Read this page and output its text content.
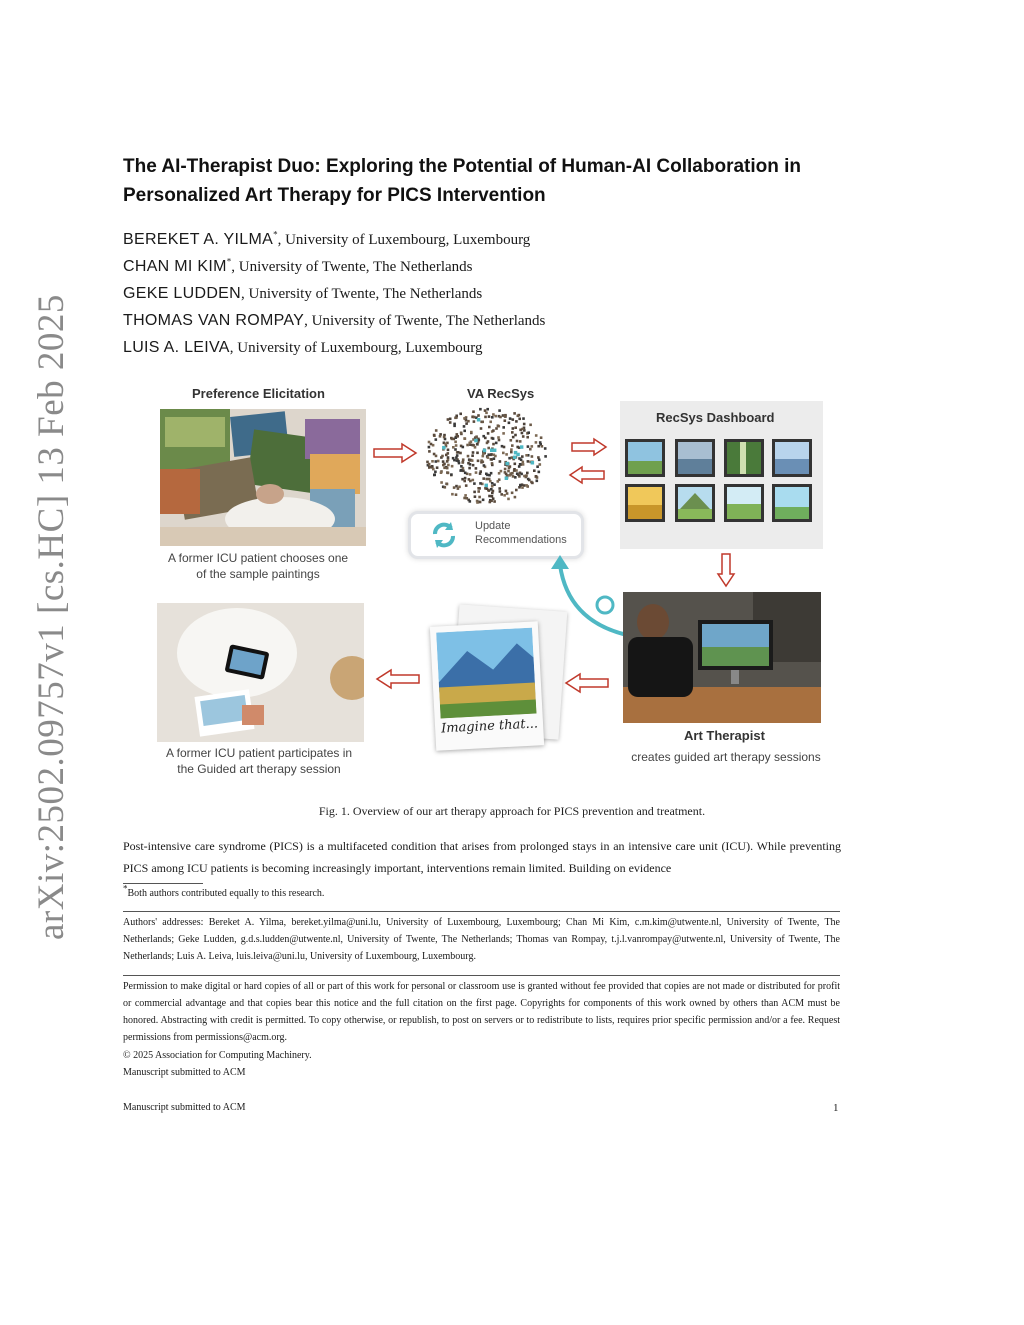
arXiv:2502.09757v1 [cs.HC] 13 Feb 2025
The AI-Therapist Duo: Exploring the Potential of Human-AI Collaboration in
Personalized Art Therapy for PICS Intervention
BEREKET A. YILMA*, University of Luxembourg, Luxembourg
CHAN MI KIM*, University of Twente, The Netherlands
GEKE LUDDEN, University of Twente, The Netherlands
THOMAS VAN ROMPAY, University of Twente, The Netherlands
LUIS A. LEIVA, University of Luxembourg, Luxembourg
Preference Elicitation	VA RecSys
A former ICU patient chooses one
of the sample paintings
Update
Recommendations
RecSys Dashboard
Art Therapist
creates guided art therapy sessions
Imagine that...
A former ICU patient participates in
the Guided art therapy session
Fig. 1. Overview of our art therapy approach for PICS prevention and treatment.
Post-intensive care syndrome (PICS) is a multifaceted condition that arises from prolonged stays in an intensive care unit (ICU). While preventing PICS among ICU patients is becoming increasingly important, interventions remain limited. Building on evidence
*Both authors contributed equally to this research.
Authors' addresses: Bereket A. Yilma, bereket.yilma@uni.lu, University of Luxembourg, Luxembourg; Chan Mi Kim, c.m.kim@utwente.nl, University of Twente, The Netherlands; Geke Ludden, g.d.s.ludden@utwente.nl, University of Twente, The Netherlands; Thomas van Rompay, t.j.l.vanrompay@utwente.nl, University of Twente, The Netherlands; Luis A. Leiva, luis.leiva@uni.lu, University of Luxembourg, Luxembourg.
Permission to make digital or hard copies of all or part of this work for personal or classroom use is granted without fee provided that copies are not made or distributed for profit or commercial advantage and that copies bear this notice and the full citation on the first page. Copyrights for components of this work owned by others than ACM must be honored. Abstracting with credit is permitted. To copy otherwise, or republish, to post on servers or to redistribute to lists, requires prior specific permission and/or a fee. Request permissions from permissions@acm.org.
© 2025 Association for Computing Machinery.
Manuscript submitted to ACM
Manuscript submitted to ACM	1
